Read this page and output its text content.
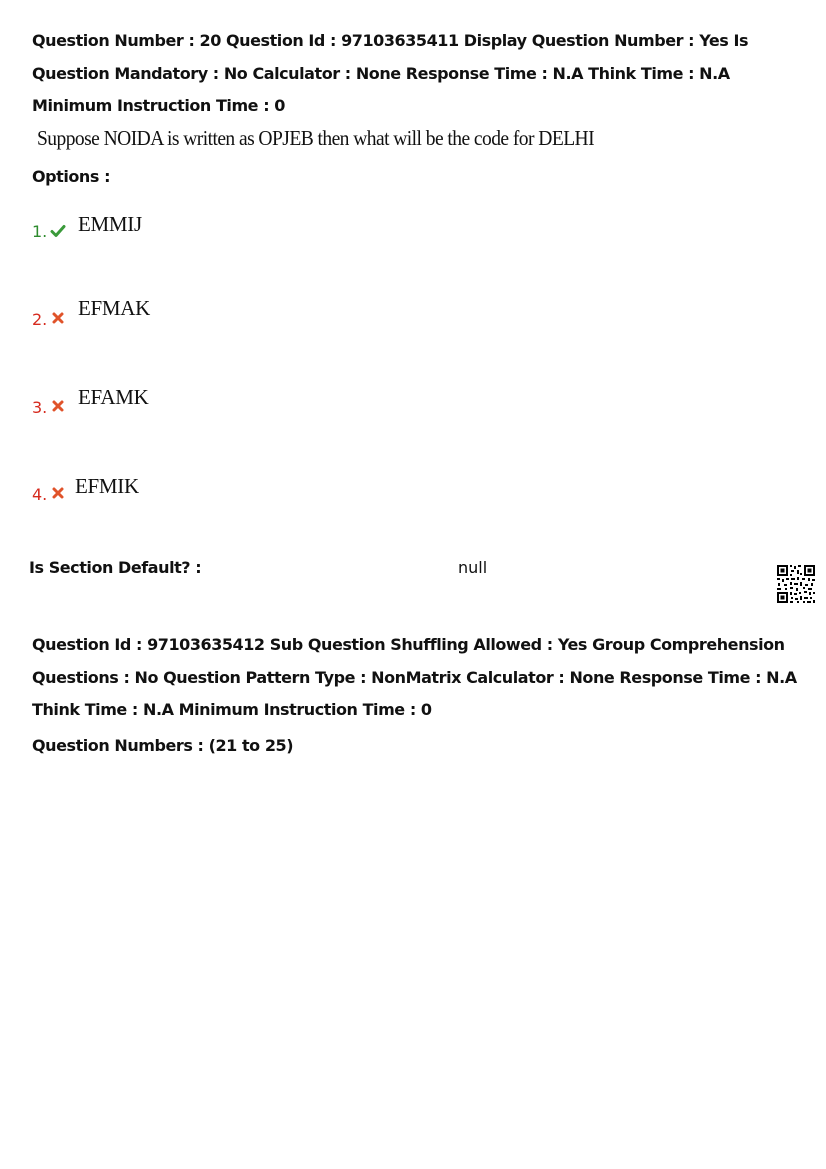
Question Number : 20 Question Id : 97103635411 Display Question Number : Yes Is Question Mandatory : No Calculator : None Response Time : N.A Think Time : N.A Minimum Instruction Time : 0
Suppose NOIDA is written as OPJEB then what will be the code for DELHI
Options :
1. EMMIJ
2. EFMAK
3. EFAMK
4. EFMIK
Is Section Default? :	null
Question Id : 97103635412 Sub Question Shuffling Allowed : Yes Group Comprehension Questions : No Question Pattern Type : NonMatrix Calculator : None Response Time : N.A Think Time : N.A Minimum Instruction Time : 0
Question Numbers : (21 to 25)
